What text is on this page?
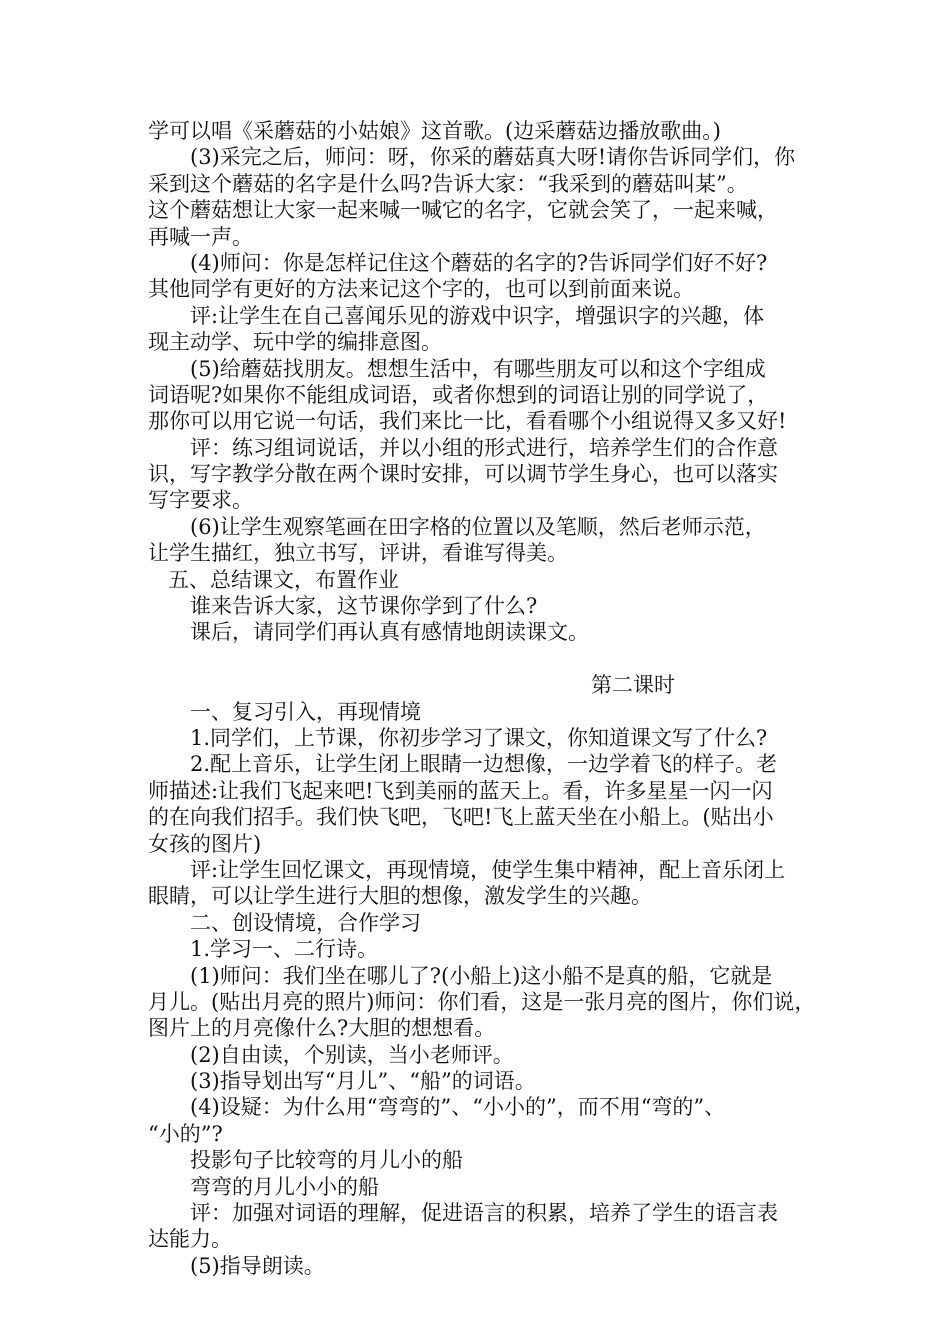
学可以唱《采蘑菇的小姑娘》这首歌。(边采蘑菇边播放歌曲。)
(3)采完之后，师问：呀，你采的蘑菇真大呀!请你告诉同学们，你
采到这个蘑菇的名字是什么吗?告诉大家：“我采到的蘑菇叫某”。
这个蘑菇想让大家一起来喊一喊它的名字，它就会笑了，一起来喊，
再喊一声。
(4)师问：你是怎样记住这个蘑菇的名字的?告诉同学们好不好?
其他同学有更好的方法来记这个字的，也可以到前面来说。
评:让学生在自己喜闻乐见的游戏中识字，增强识字的兴趣，体
现主动学、玩中学的编排意图。
(5)给蘑菇找朋友。想想生活中，有哪些朋友可以和这个字组成
词语呢?如果你不能组成词语，或者你想到的词语让别的同学说了，
那你可以用它说一句话，我们来比一比，看看哪个小组说得又多又好!
评：练习组词说话，并以小组的形式进行，培养学生们的合作意
识，写字教学分散在两个课时安排，可以调节学生身心，也可以落实
写字要求。
(6)让学生观察笔画在田字格的位置以及笔顺，然后老师示范，
让学生描红，独立书写，评讲，看谁写得美。
五、总结课文，布置作业
谁来告诉大家，这节课你学到了什么?
课后，请同学们再认真有感情地朗读课文。
第二课时
一、复习引入，再现情境
1.同学们，上节课，你初步学习了课文，你知道课文写了什么?
2.配上音乐，让学生闭上眼睛一边想像，一边学着飞的样子。老
师描述:让我们飞起来吧!飞到美丽的蓝天上。看，许多星星一闪一闪
的在向我们招手。我们快飞吧，飞吧!飞上蓝天坐在小船上。(贴出小
女孩的图片)
评:让学生回忆课文，再现情境，使学生集中精神，配上音乐闭上
眼睛，可以让学生进行大胆的想像，激发学生的兴趣。
二、创设情境，合作学习
1.学习一、二行诗。
(1)师问：我们坐在哪儿了?(小船上)这小船不是真的船，它就是
月儿。(贴出月亮的照片)师问：你们看，这是一张月亮的图片，你们说，
图片上的月亮像什么?大胆的想想看。
(2)自由读，个别读，当小老师评。
(3)指导划出写“月儿”、“船”的词语。
(4)设疑：为什么用“弯弯的”、“小小的”，而不用“弯的”、
“小的”?
投影句子比较弯的月儿小的船
弯弯的月儿小小的船
评：加强对词语的理解，促进语言的积累，培养了学生的语言表
达能力。
(5)指导朗读。
